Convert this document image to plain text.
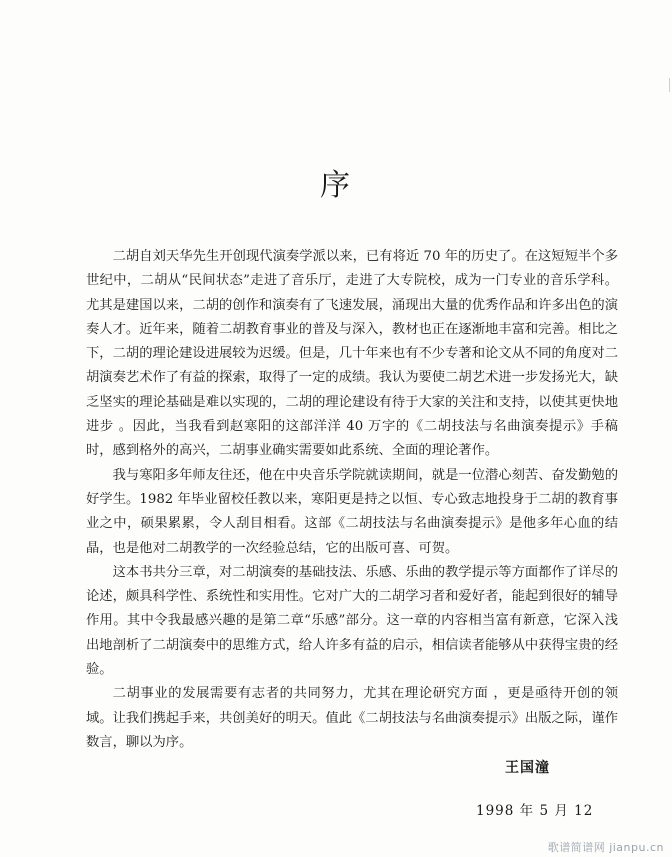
序

二胡自刘天华先生开创现代演奏学派以来，已有将近 70 年的历史了。在这短短半个多世纪中，二胡从“民间状态”走进了音乐厅，走进了大专院校，成为一门专业的音乐学科。尤其是建国以来，二胡的创作和演奏有了飞速发展，涌现出大量的优秀作品和许多出色的演奏人才。近年来，随着二胡教育事业的普及与深入，教材也正在逐渐地丰富和完善。相比之下，二胡的理论建设进展较为迟缓。但是，几十年来也有不少专著和论文从不同的角度对二胡演奏艺术作了有益的探索，取得了一定的成绩。我认为要使二胡艺术进一步发扬光大，缺乏坚实的理论基础是难以实现的，二胡的理论建设有待于大家的关注和支持，以使其更快地进步 。因此，当我看到赵寒阳的这部洋洋 40 万字的《二胡技法与名曲演奏提示》手稿时，感到格外的高兴，二胡事业确实需要如此系统、全面的理论著作。

我与寒阳多年师友往还，他在中央音乐学院就读期间，就是一位潜心刻苦、奋发勤勉的好学生。1982 年毕业留校任教以来，寒阳更是持之以恒、专心致志地投身于二胡的教育事业之中，硕果累累，令人刮目相看。这部《二胡技法与名曲演奏提示》是他多年心血的结晶，也是他对二胡教学的一次经验总结，它的出版可喜、可贺。

这本书共分三章，对二胡演奏的基础技法、乐感、乐曲的教学提示等方面都作了详尽的论述，颇具科学性、系统性和实用性。它对广大的二胡学习者和爱好者，能起到很好的辅导作用。其中令我最感兴趣的是第二章“乐感”部分。这一章的内容相当富有新意，它深入浅出地剖析了二胡演奏中的思维方式，给人许多有益的启示，相信读者能够从中获得宝贵的经验。

二胡事业的发展需要有志者的共同努力，尤其在理论研究方面 ，更是亟待开创的领域。让我们携起手来，共创美好的明天。值此《二胡技法与名曲演奏提示》出版之际，谨作数言，聊以为序。

王国潼
1998 年 5 月 12
歌谱简谱网 jianpu.cn
